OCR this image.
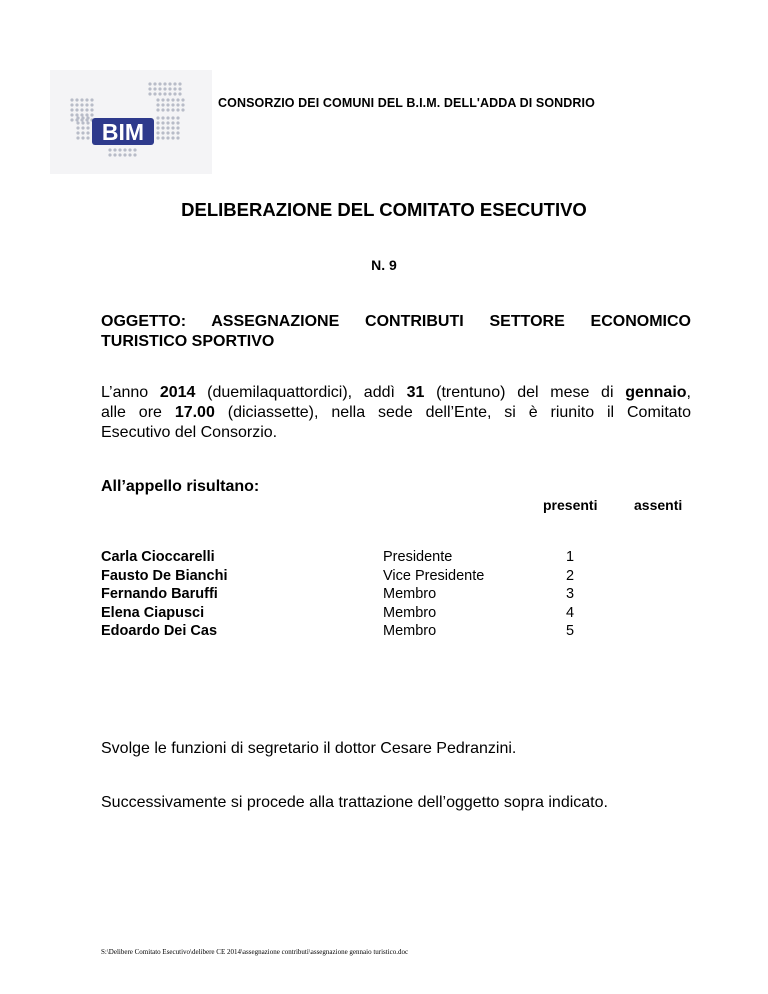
BIM
CONSORZIO DEI COMUNI DEL B.I.M. DELL'ADDA DI SONDRIO
DELIBERAZIONE DEL COMITATO ESECUTIVO
N. 9
OGGETTO: ASSEGNAZIONE CONTRIBUTI SETTORE ECONOMICO
TURISTICO SPORTIVO
L’anno 2014 (duemilaquattordici), addì 31 (trentuno) del mese di gennaio,
alle ore 17.00 (diciassette), nella sede dell’Ente, si è riunito il Comitato
Esecutivo del Consorzio.
All’appello risultano:
presenti	assenti
Carla Cioccarelli	Presidente	1
Fausto De Bianchi	Vice Presidente	2
Fernando Baruffi	Membro	3
Elena Ciapusci	Membro	4
Edoardo Dei Cas	Membro	5
Svolge le funzioni di segretario il dottor Cesare Pedranzini.
Successivamente si procede alla trattazione dell’oggetto sopra indicato.
S:\Delibere Comitato Esecutivo\delibere CE 2014\assegnazione contributi\assegnazione gennaio turistico.doc
